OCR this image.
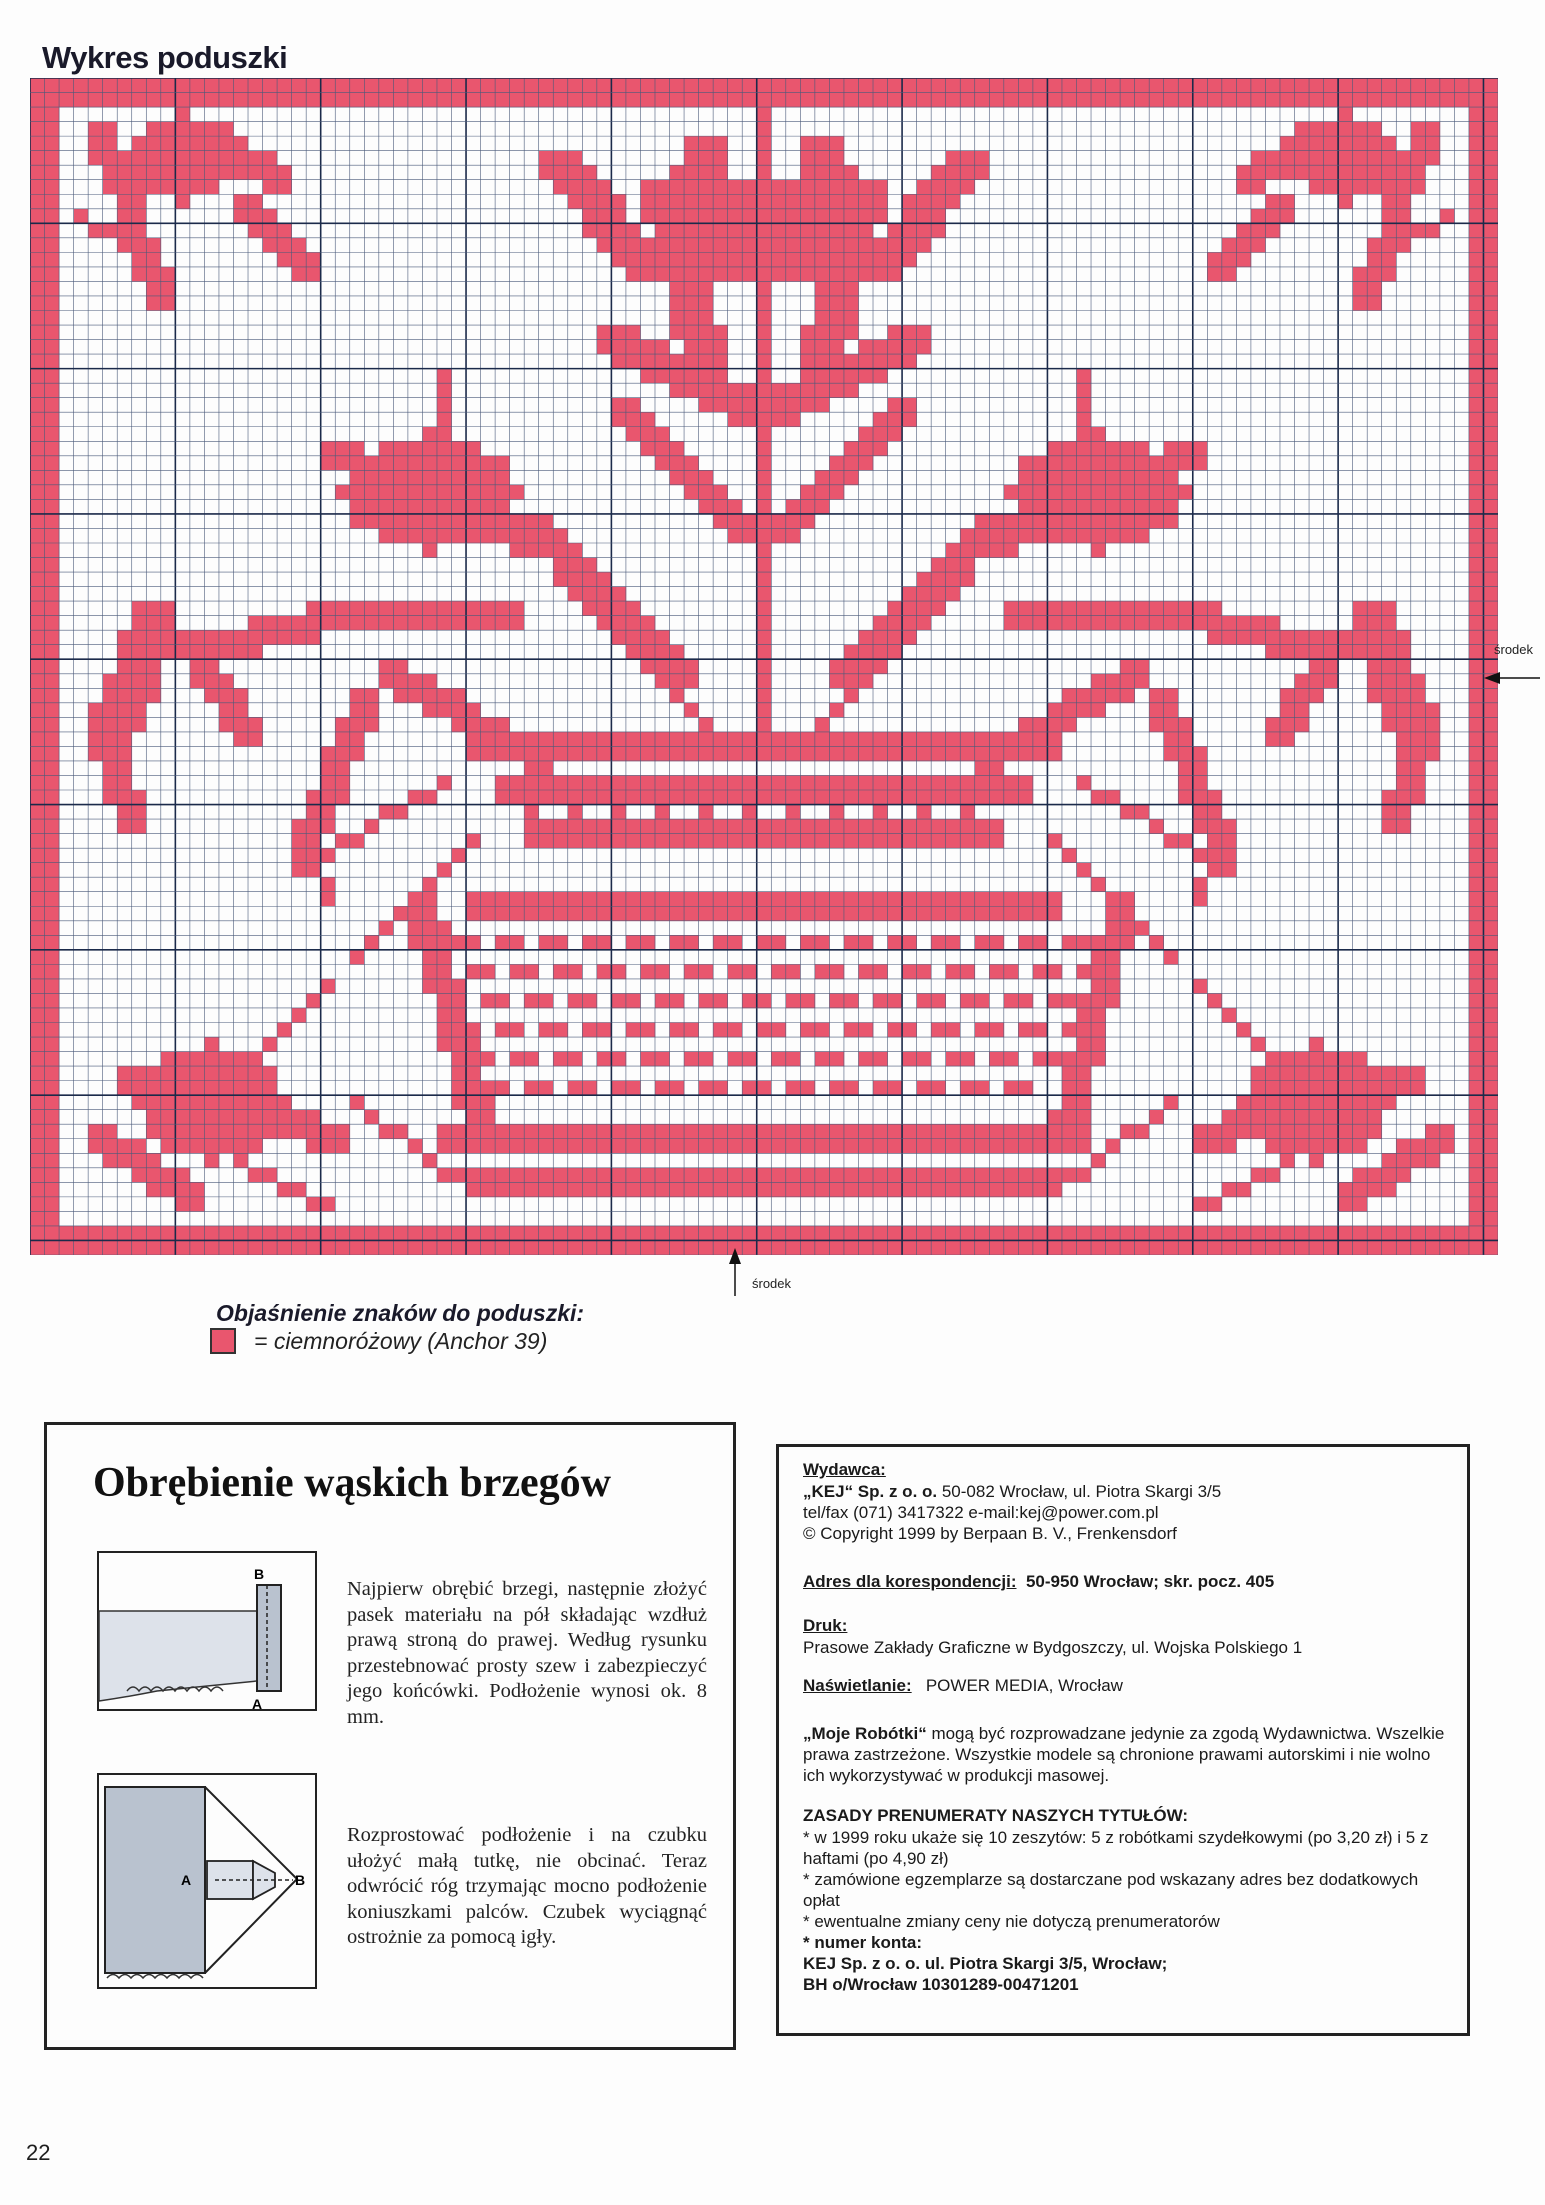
Wykres poduszki
środek
środek
Objaśnienie znaków do poduszki:
= ciemnoróżowy (Anchor 39)
Obrębienie wąskich brzegów
B
A
A	B
Najpierw obrębić brzegi, następnie złożyć pasek materiału na pół składając wzdłuż prawą stroną do prawej. Według rysunku przestebnować prosty szew i zabezpieczyć jego końcówki. Podłożenie wynosi ok. 8 mm.
Rozprostować podłożenie i na czubku ułożyć małą tutkę, nie obcinać. Teraz odwrócić róg trzymając mocno podłożenie koniuszkami palców. Czubek wyciągnąć ostrożnie za pomocą igły.
Wydawca:
„KEJ“ Sp. z o. o. 50-082 Wrocław, ul. Piotra Skargi 3/5
tel/fax (071) 3417322 e-mail:kej@power.com.pl
© Copyright 1999 by Berpaan B. V., Frenkensdorf
Adres dla korespondencji: 50-950 Wrocław; skr. pocz. 405
Druk:
Prasowe Zakłady Graficzne w Bydgoszczy, ul. Wojska Polskiego 1
Naświetlanie: POWER MEDIA, Wrocław
„Moje Robótki“ mogą być rozprowadzane jedynie za zgodą Wydawnictwa. Wszelkie prawa zastrzeżone. Wszystkie modele są chronione prawami autorskimi i nie wolno ich wykorzystywać w produkcji masowej.
ZASADY PRENUMERATY NASZYCH TYTUŁÓW:
* w 1999 roku ukaże się 10 zeszytów: 5 z robótkami szydełkowymi (po 3,20 zł) i 5 z haftami (po 4,90 zł)
* zamówione egzemplarze są dostarczane pod wskazany adres bez dodatkowych opłat
* ewentualne zmiany ceny nie dotyczą prenumeratorów
* numer konta:
KEJ Sp. z o. o. ul. Piotra Skargi 3/5, Wrocław;
BH o/Wrocław 10301289-00471201
22
